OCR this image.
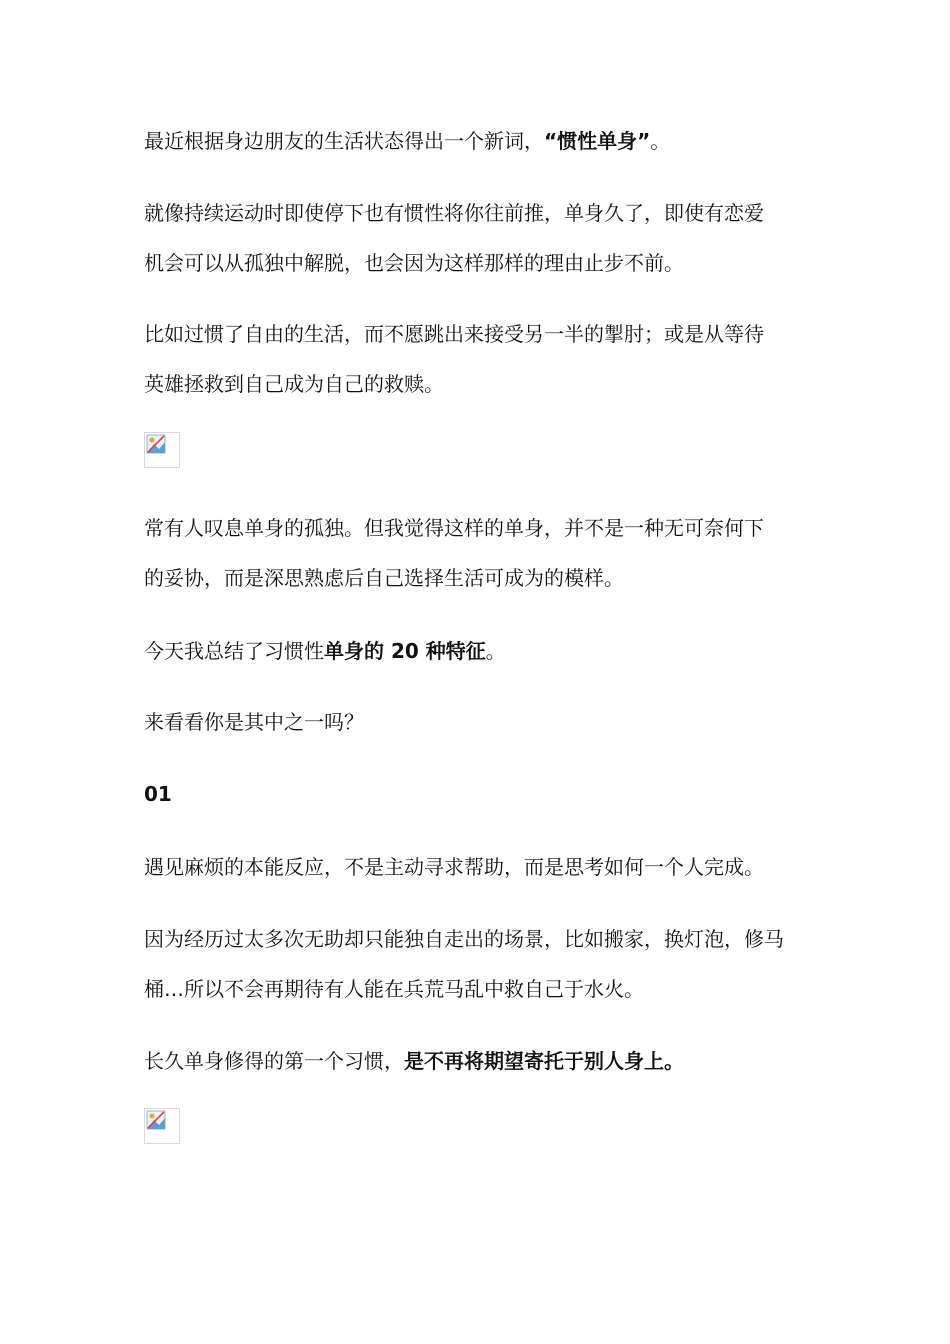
最近根据身边朋友的生活状态得出一个新词，“惯性单身”。

就像持续运动时即使停下也有惯性将你往前推，单身久了，即使有恋爱
机会可以从孤独中解脱，也会因为这样那样的理由止步不前。

比如过惯了自由的生活，而不愿跳出来接受另一半的掣肘；或是从等待
英雄拯救到自己成为自己的救赎。

常有人叹息单身的孤独。但我觉得这样的单身，并不是一种无可奈何下
的妥协，而是深思熟虑后自己选择生活可成为的模样。

今天我总结了习惯性单身的 20 种特征。

来看看你是其中之一吗？

01

遇见麻烦的本能反应，不是主动寻求帮助，而是思考如何一个人完成。

因为经历过太多次无助却只能独自走出的场景，比如搬家，换灯泡，修马
桶…所以不会再期待有人能在兵荒马乱中救自己于水火。

长久单身修得的第一个习惯，是不再将期望寄托于别人身上。
